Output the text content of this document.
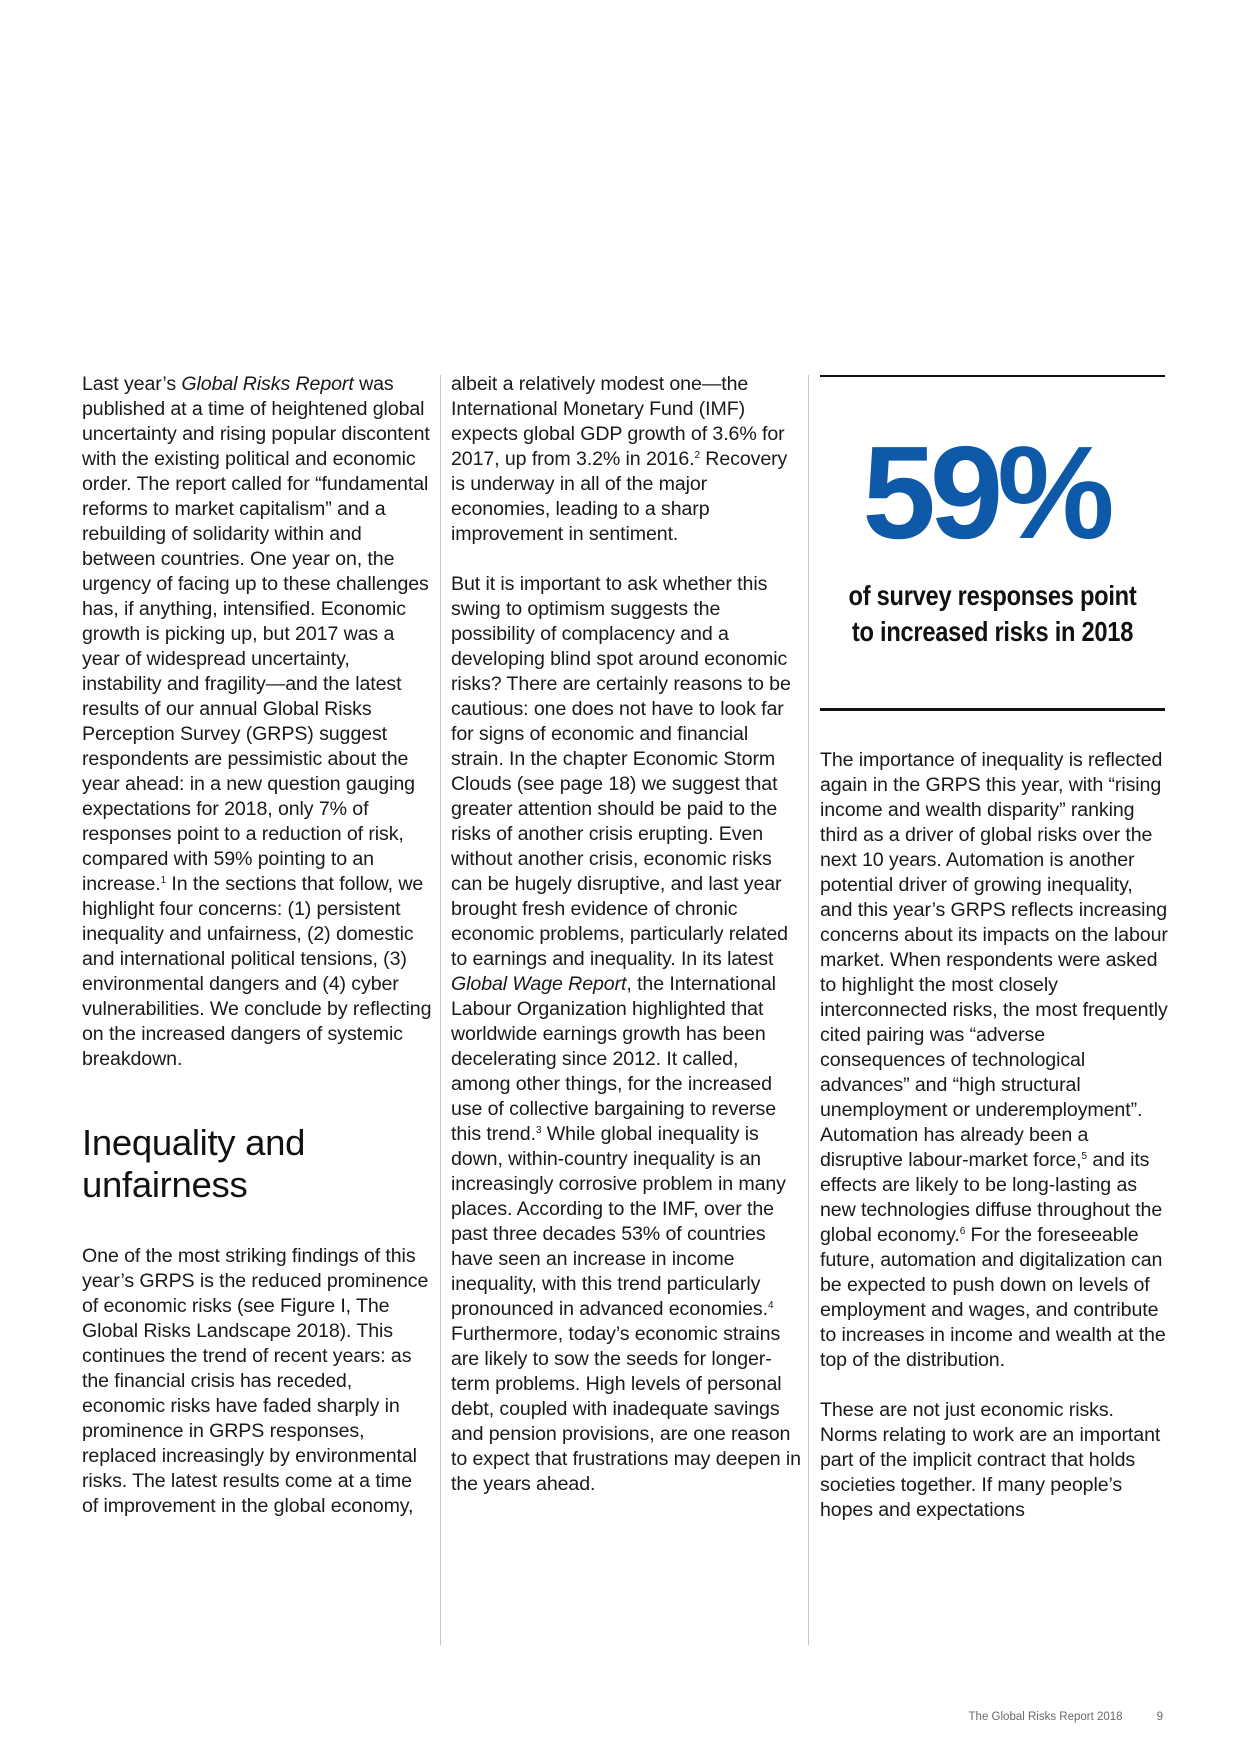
Last year’s Global Risks Report was published at a time of heightened global uncertainty and rising popular discontent with the existing political and economic order. The report called for “fundamental reforms to market capitalism” and a rebuilding of solidarity within and between countries. One year on, the urgency of facing up to these challenges has, if anything, intensified. Economic growth is picking up, but 2017 was a year of widespread uncertainty, instability and fragility—and the latest results of our annual Global Risks Perception Survey (GRPS) suggest respondents are pessimistic about the year ahead: in a new question gauging expectations for 2018, only 7% of responses point to a reduction of risk, compared with 59% pointing to an increase.$^1$ In the sections that follow, we highlight four concerns: (1) persistent inequality and unfairness, (2) domestic and international political tensions, (3) environmental dangers and (4) cyber vulnerabilities. We conclude by reflecting on the increased dangers of systemic breakdown.

Inequality and unfairness

One of the most striking findings of this year’s GRPS is the reduced prominence of economic risks (see Figure I, The Global Risks Landscape 2018). This continues the trend of recent years: as the financial crisis has receded, economic risks have faded sharply in prominence in GRPS responses, replaced increasingly by environmental risks. The latest results come at a time of improvement in the global economy,

albeit a relatively modest one—the International Monetary Fund (IMF) expects global GDP growth of 3.6% for 2017, up from 3.2% in 2016.$^2$ Recovery is underway in all of the major economies, leading to a sharp improvement in sentiment.

But it is important to ask whether this swing to optimism suggests the possibility of complacency and a developing blind spot around economic risks? There are certainly reasons to be cautious: one does not have to look far for signs of economic and financial strain. In the chapter Economic Storm Clouds (see page 18) we suggest that greater attention should be paid to the risks of another crisis erupting. Even without another crisis, economic risks can be hugely disruptive, and last year brought fresh evidence of chronic economic problems, particularly related to earnings and inequality. In its latest Global Wage Report, the International Labour Organization highlighted that worldwide earnings growth has been decelerating since 2012. It called, among other things, for the increased use of collective bargaining to reverse this trend.$^3$ While global inequality is down, within-country inequality is an increasingly corrosive problem in many places. According to the IMF, over the past three decades 53% of countries have seen an increase in income inequality, with this trend particularly pronounced in advanced economies.$^4$ Furthermore, today’s economic strains are likely to sow the seeds for longer-term problems. High levels of personal debt, coupled with inadequate savings and pension provisions, are one reason to expect that frustrations may deepen in the years ahead.

59%
of survey responses point to increased risks in 2018

The importance of inequality is reflected again in the GRPS this year, with “rising income and wealth disparity” ranking third as a driver of global risks over the next 10 years. Automation is another potential driver of growing inequality, and this year’s GRPS reflects increasing concerns about its impacts on the labour market. When respondents were asked to highlight the most closely interconnected risks, the most frequently cited pairing was “adverse consequences of technological advances” and “high structural unemployment or underemployment”. Automation has already been a disruptive labour-market force,$^5$ and its effects are likely to be long-lasting as new technologies diffuse throughout the global economy.$^6$ For the foreseeable future, automation and digitalization can be expected to push down on levels of employment and wages, and contribute to increases in income and wealth at the top of the distribution.

These are not just economic risks. Norms relating to work are an important part of the implicit contract that holds societies together. If many people’s hopes and expectations

The Global Risks Report 2018	9
